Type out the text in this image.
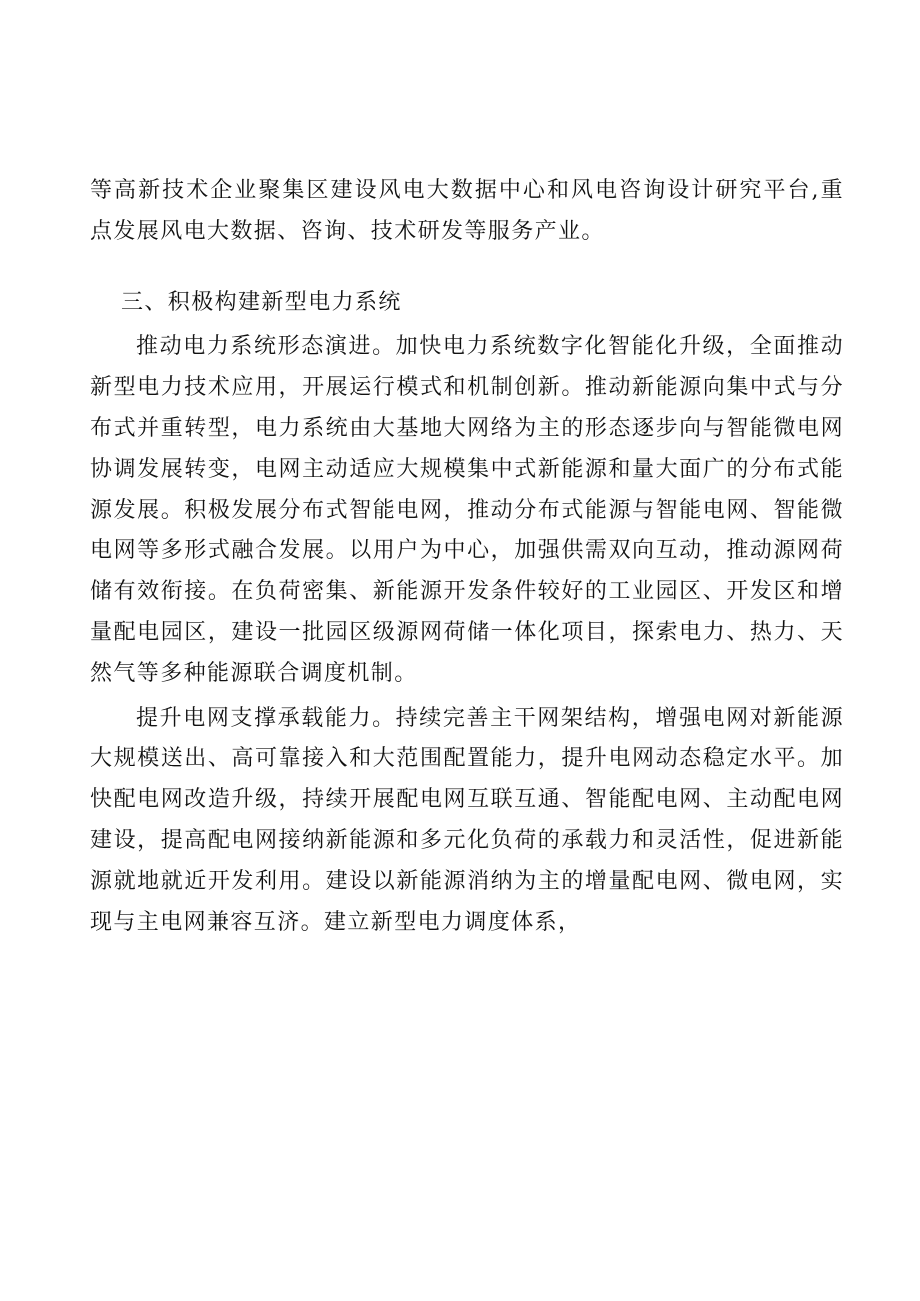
等高新技术企业聚集区建设风电大数据中心和风电咨询设计研究平台,重点发展风电大数据、咨询、技术研发等服务产业。

三、积极构建新型电力系统

推动电力系统形态演进。加快电力系统数字化智能化升级，全面推动新型电力技术应用，开展运行模式和机制创新。推动新能源向集中式与分布式并重转型，电力系统由大基地大网络为主的形态逐步向与智能微电网协调发展转变，电网主动适应大规模集中式新能源和量大面广的分布式能源发展。积极发展分布式智能电网，推动分布式能源与智能电网、智能微电网等多形式融合发展。以用户为中心，加强供需双向互动，推动源网荷储有效衔接。在负荷密集、新能源开发条件较好的工业园区、开发区和增量配电园区，建设一批园区级源网荷储一体化项目，探索电力、热力、天然气等多种能源联合调度机制。

提升电网支撑承载能力。持续完善主干网架结构，增强电网对新能源大规模送出、高可靠接入和大范围配置能力，提升电网动态稳定水平。加快配电网改造升级，持续开展配电网互联互通、智能配电网、主动配电网建设，提高配电网接纳新能源和多元化负荷的承载力和灵活性，促进新能源就地就近开发利用。建设以新能源消纳为主的增量配电网、微电网，实现与主电网兼容互济。建立新型电力调度体系，
